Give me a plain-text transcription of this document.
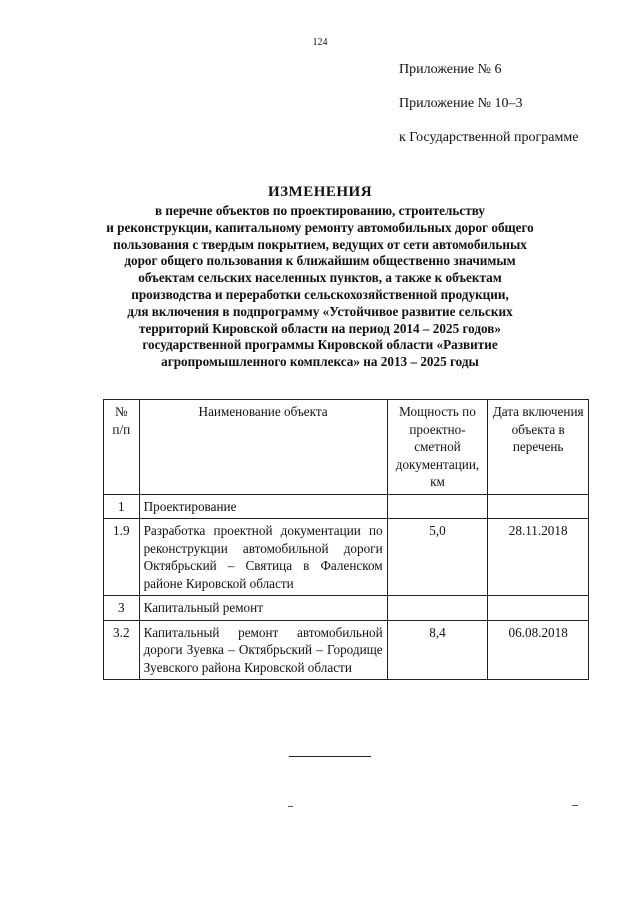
124
Приложение № 6
Приложение № 10–3
к Государственной программе
ИЗМЕНЕНИЯ
в перечне объектов по проектированию, строительству
и реконструкции, капитальному ремонту автомобильных дорог общего
пользования с твердым покрытием, ведущих от сети автомобильных
дорог общего пользования к ближайшим общественно значимым
объектам сельских населенных пунктов, а также к объектам
производства и переработки сельскохозяйственной продукции,
для включения в подпрограмму «Устойчивое развитие сельских
территорий Кировской области на период 2014 – 2025 годов»
государственной программы Кировской области «Развитие
агропромышленного комплекса» на 2013 – 2025 годы
№ п/п	Наименование объекта	Мощность по проектно-сметной документации, км	Дата включения объекта в перечень
1	Проектирование		
1.9	Разработка проектной документации по реконструкции автомобильной дороги Октябрьский – Святица в Фаленском районе Кировской области	5,0	28.11.2018
3	Капитальный ремонт		
3.2	Капитальный ремонт автомобильной дороги Зуевка – Октябрьский – Городище Зуевского района Кировской области	8,4	06.08.2018
